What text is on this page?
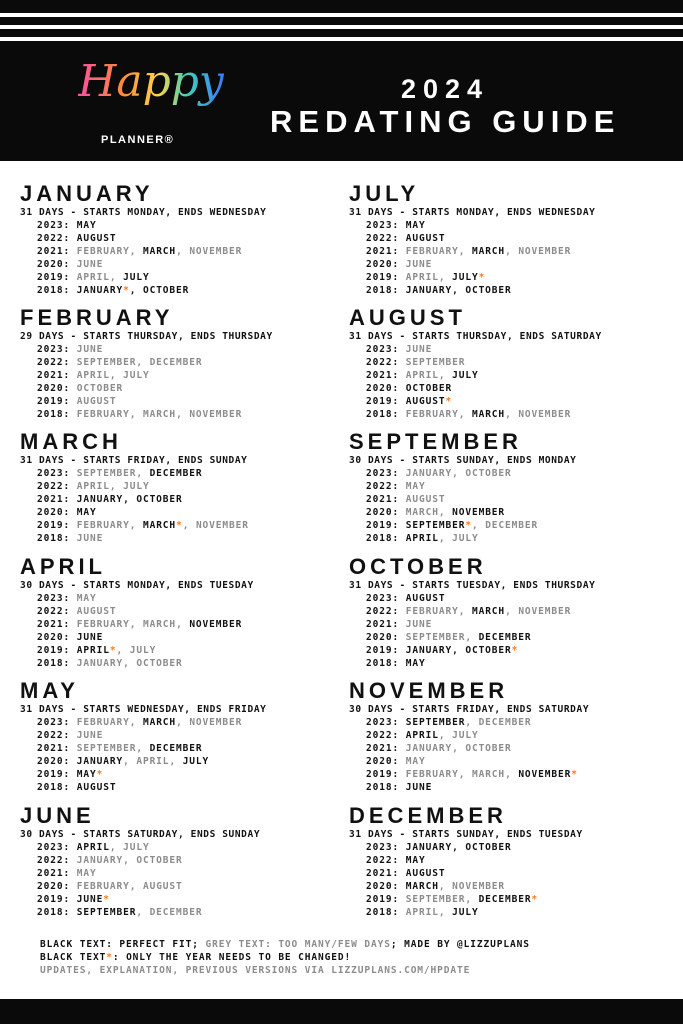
Happy
PLANNER®
2024
REDATING GUIDE
JANUARY
31 DAYS - STARTS MONDAY, ENDS WEDNESDAY
2023: MAY
2022: AUGUST
2021: FEBRUARY, MARCH, NOVEMBER
2020: JUNE
2019: APRIL, JULY
2018: JANUARY*, OCTOBER
FEBRUARY
29 DAYS - STARTS THURSDAY, ENDS THURSDAY
2023: JUNE
2022: SEPTEMBER, DECEMBER
2021: APRIL, JULY
2020: OCTOBER
2019: AUGUST
2018: FEBRUARY, MARCH, NOVEMBER
MARCH
31 DAYS - STARTS FRIDAY, ENDS SUNDAY
2023: SEPTEMBER, DECEMBER
2022: APRIL, JULY
2021: JANUARY, OCTOBER
2020: MAY
2019: FEBRUARY, MARCH*, NOVEMBER
2018: JUNE
APRIL
30 DAYS - STARTS MONDAY, ENDS TUESDAY
2023: MAY
2022: AUGUST
2021: FEBRUARY, MARCH, NOVEMBER
2020: JUNE
2019: APRIL*, JULY
2018: JANUARY, OCTOBER
MAY
31 DAYS - STARTS WEDNESDAY, ENDS FRIDAY
2023: FEBRUARY, MARCH, NOVEMBER
2022: JUNE
2021: SEPTEMBER, DECEMBER
2020: JANUARY, APRIL, JULY
2019: MAY*
2018: AUGUST
JUNE
30 DAYS - STARTS SATURDAY, ENDS SUNDAY
2023: APRIL, JULY
2022: JANUARY, OCTOBER
2021: MAY
2020: FEBRUARY, AUGUST
2019: JUNE*
2018: SEPTEMBER, DECEMBER
JULY
31 DAYS - STARTS MONDAY, ENDS WEDNESDAY
2023: MAY
2022: AUGUST
2021: FEBRUARY, MARCH, NOVEMBER
2020: JUNE
2019: APRIL, JULY*
2018: JANUARY, OCTOBER
AUGUST
31 DAYS - STARTS THURSDAY, ENDS SATURDAY
2023: JUNE
2022: SEPTEMBER
2021: APRIL, JULY
2020: OCTOBER
2019: AUGUST*
2018: FEBRUARY, MARCH, NOVEMBER
SEPTEMBER
30 DAYS - STARTS SUNDAY, ENDS MONDAY
2023: JANUARY, OCTOBER
2022: MAY
2021: AUGUST
2020: MARCH, NOVEMBER
2019: SEPTEMBER*, DECEMBER
2018: APRIL, JULY
OCTOBER
31 DAYS - STARTS TUESDAY, ENDS THURSDAY
2023: AUGUST
2022: FEBRUARY, MARCH, NOVEMBER
2021: JUNE
2020: SEPTEMBER, DECEMBER
2019: JANUARY, OCTOBER*
2018: MAY
NOVEMBER
30 DAYS - STARTS FRIDAY, ENDS SATURDAY
2023: SEPTEMBER, DECEMBER
2022: APRIL, JULY
2021: JANUARY, OCTOBER
2020: MAY
2019: FEBRUARY, MARCH, NOVEMBER*
2018: JUNE
DECEMBER
31 DAYS - STARTS SUNDAY, ENDS TUESDAY
2023: JANUARY, OCTOBER
2022: MAY
2021: AUGUST
2020: MARCH, NOVEMBER
2019: SEPTEMBER, DECEMBER*
2018: APRIL, JULY
BLACK TEXT: PERFECT FIT; GREY TEXT: TOO MANY/FEW DAYS; MADE BY @LIZZUPLANS
BLACK TEXT*: ONLY THE YEAR NEEDS TO BE CHANGED!
UPDATES, EXPLANATION, PREVIOUS VERSIONS VIA LIZZUPLANS.COM/HPDATE
